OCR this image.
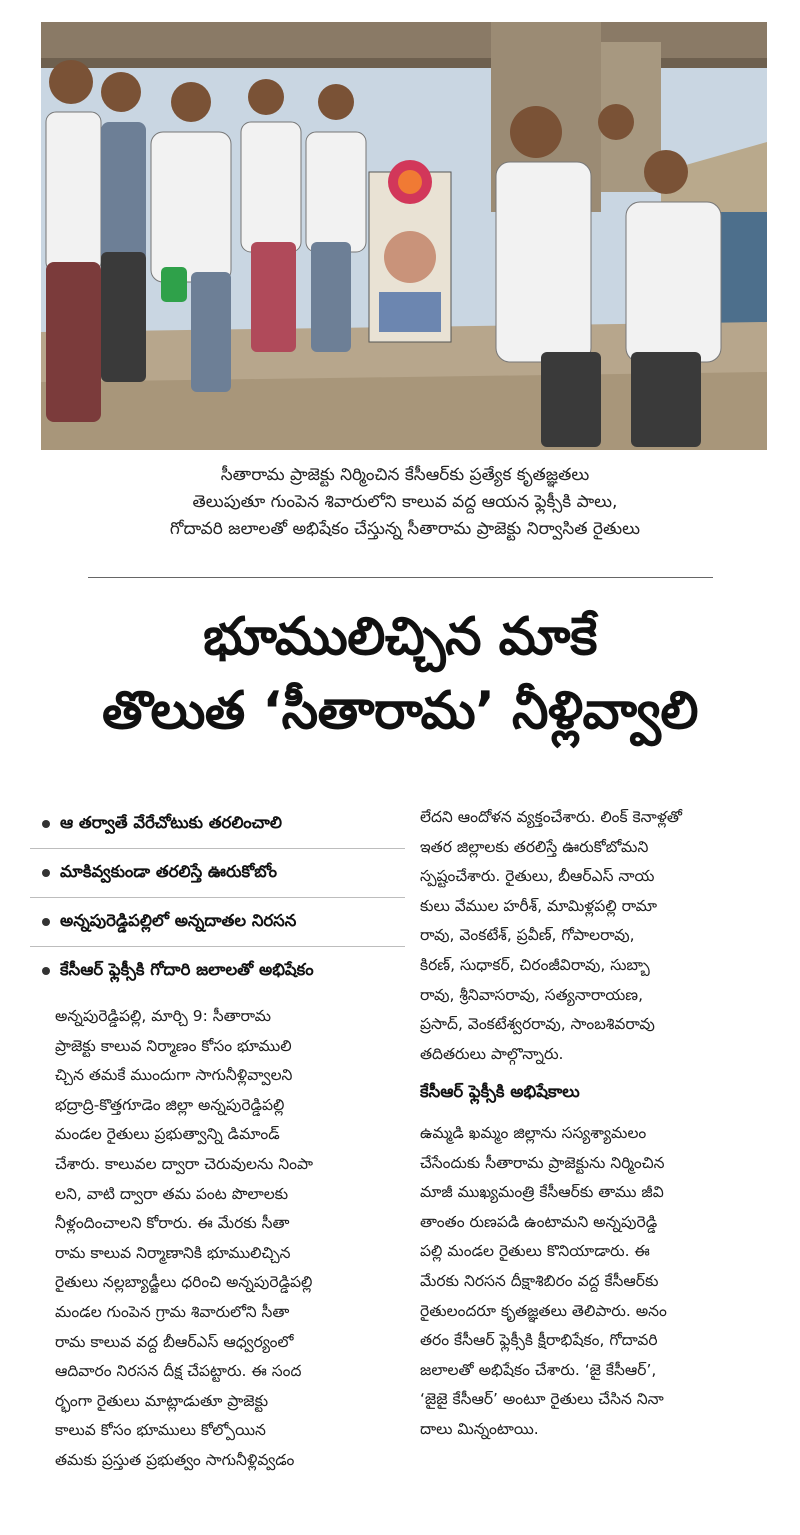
సీతారామ ప్రాజెక్టు నిర్మించిన కేసీఆర్‌కు ప్రత్యేక కృతజ్ఞతలు
తెలుపుతూ గుంపెన శివారులోని కాలువ వద్ద ఆయన ఫ్లెక్సీకి పాలు,
గోదావరి జలాలతో అభిషేకం చేస్తున్న సీతారామ ప్రాజెక్టు నిర్వాసిత రైతులు
భూములిచ్చిన మాకే
తొలుత ‘సీతారామ’ నీళ్లివ్వాలి
ఆ తర్వాతే వేరేచోటుకు తరలించాలి
మాకివ్వకుండా తరలిస్తే ఊరుకోబోం
అన్నపురెడ్డిపల్లిలో అన్నదాతల నిరసన
కేసీఆర్ ఫ్లెక్సీకి గోదారి జలాలతో అభిషేకం
అన్నపురెడ్డిపల్లి, మార్చి 9: సీతారామ
ప్రాజెక్టు కాలువ నిర్మాణం కోసం భూములి
చ్చిన తమకే ముందుగా సాగునీళ్లివ్వాలని
భద్రాద్రి-కొత్తగూడెం జిల్లా అన్నపురెడ్డిపల్లి
మండల రైతులు ప్రభుత్వాన్ని డిమాండ్
చేశారు. కాలువల ద్వారా చెరువులను నింపా
లని, వాటి ద్వారా తమ పంట పొలాలకు
నీళ్లందించాలని కోరారు. ఈ మేరకు సీతా
రామ కాలువ నిర్మాణానికి భూములిచ్చిన
రైతులు నల్లబ్యాడ్జీలు ధరించి అన్నపురెడ్డిపల్లి
మండల గుంపెన గ్రామ శివారులోని సీతా
రామ కాలువ వద్ద బీఆర్ఎస్ ఆధ్వర్యంలో
ఆదివారం నిరసన దీక్ష చేపట్టారు. ఈ సంద
ర్భంగా రైతులు మాట్లాడుతూ ప్రాజెక్టు
కాలువ కోసం భూములు కోల్పోయిన
తమకు ప్రస్తుత ప్రభుత్వం సాగునీళ్లివ్వడం
లేదని ఆందోళన వ్యక్తంచేశారు. లింక్ కెనాళ్లతో
ఇతర జిల్లాలకు తరలిస్తే ఊరుకోబోమని
స్పష్టంచేశారు. రైతులు, బీఆర్ఎస్ నాయ
కులు వేముల హరీశ్, మామిళ్లపల్లి రామా
రావు, వెంకటేశ్, ప్రవీణ్, గోపాలరావు,
కిరణ్, సుధాకర్, చిరంజీవిరావు, సుబ్బా
రావు, శ్రీనివాసరావు, సత్యనారాయణ,
ప్రసాద్, వెంకటేశ్వరరావు, సాంబశివరావు
తదితరులు పాల్గొన్నారు.
కేసీఆర్ ఫ్లెక్సీకి అభిషేకాలు
ఉమ్మడి ఖమ్మం జిల్లాను సస్యశ్యామలం
చేసేందుకు సీతారామ ప్రాజెక్టును నిర్మించిన
మాజీ ముఖ్యమంత్రి కేసీఆర్‌కు తాము జీవి
తాంతం రుణపడి ఉంటామని అన్నపురెడ్డి
పల్లి మండల రైతులు కొనియాడారు. ఈ
మేరకు నిరసన దీక్షాశిబిరం వద్ద కేసీఆర్‌కు
రైతులందరూ కృతజ్ఞతలు తెలిపారు. అనం
తరం కేసీఆర్ ఫ్లెక్సీకి క్షీరాభిషేకం, గోదావరి
జలాలతో అభిషేకం చేశారు. ‘జై కేసీఆర్’,
‘జైజై కేసీఆర్’ అంటూ రైతులు చేసిన నినా
దాలు మిన్నంటాయి.
